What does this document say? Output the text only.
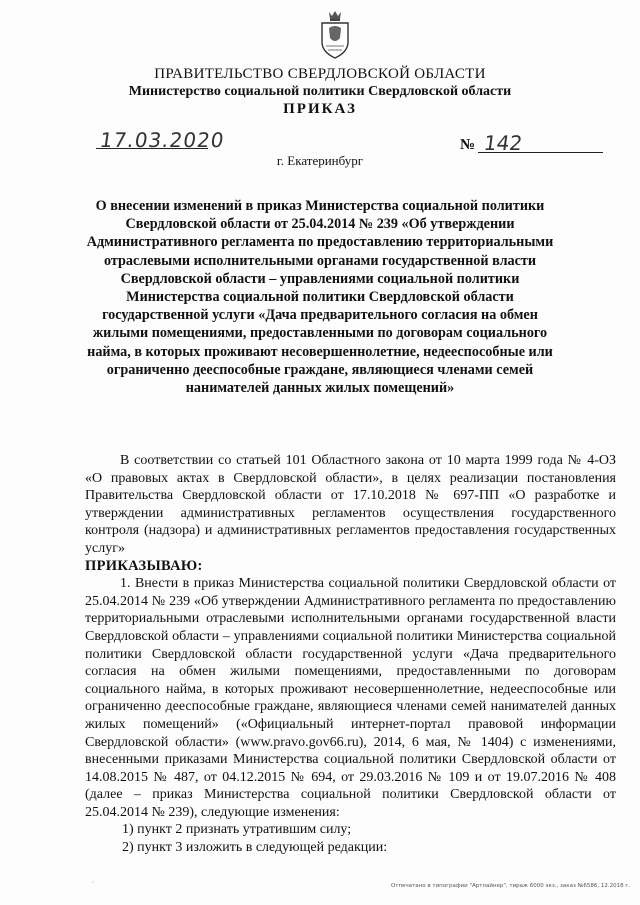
ПРАВИТЕЛЬСТВО СВЕРДЛОВСКОЙ ОБЛАСТИ
Министерство социальной политики Свердловской области
ПРИКАЗ
17.03.2020	№ 142
г. Екатеринбург
О внесении изменений в приказ Министерства социальной политики Свердловской области от 25.04.2014 № 239 «Об утверждении Административного регламента по предоставлению территориальными отраслевыми исполнительными органами государственной власти Свердловской области – управлениями социальной политики Министерства социальной политики Свердловской области государственной услуги «Дача предварительного согласия на обмен жилыми помещениями, предоставленными по договорам социального найма, в которых проживают несовершеннолетние, недееспособные или ограниченно дееспособные граждане, являющиеся членами семей нанимателей данных жилых помещений»

В соответствии со статьей 101 Областного закона от 10 марта 1999 года № 4-ОЗ «О правовых актах в Свердловской области», в целях реализации постановления Правительства Свердловской области от 17.10.2018 № 697-ПП «О разработке и утверждении административных регламентов осуществления государственного контроля (надзора) и административных регламентов предоставления государственных услуг»

ПРИКАЗЫВАЮ:

1. Внести в приказ Министерства социальной политики Свердловской области от 25.04.2014 № 239 «Об утверждении Административного регламента по предоставлению территориальными отраслевыми исполнительными органами государственной власти Свердловской области – управлениями социальной политики Министерства социальной политики Свердловской области государственной услуги «Дача предварительного согласия на обмен жилыми помещениями, предоставленными по договорам социального найма, в которых проживают несовершеннолетние, недееспособные или ограниченно дееспособные граждане, являющиеся членами семей нанимателей данных жилых помещений» («Официальный интернет-портал правовой информации Свердловской области» (www.pravo.gov66.ru), 2014, 6 мая, № 1404) с изменениями, внесенными приказами Министерства социальной политики Свердловской области от 14.08.2015 № 487, от 04.12.2015 № 694, от 29.03.2016 № 109 и от 19.07.2016 № 408 (далее – приказ Министерства социальной политики Свердловской области от 25.04.2014 № 239), следующие изменения:

1) пункт 2 признать утратившим силу;

2) пункт 3 изложить в следующей редакции:

◦	Отпечатано в типографии "Артлайнер", тираж 6000 экз., заказ №6586, 12.2018 г.
